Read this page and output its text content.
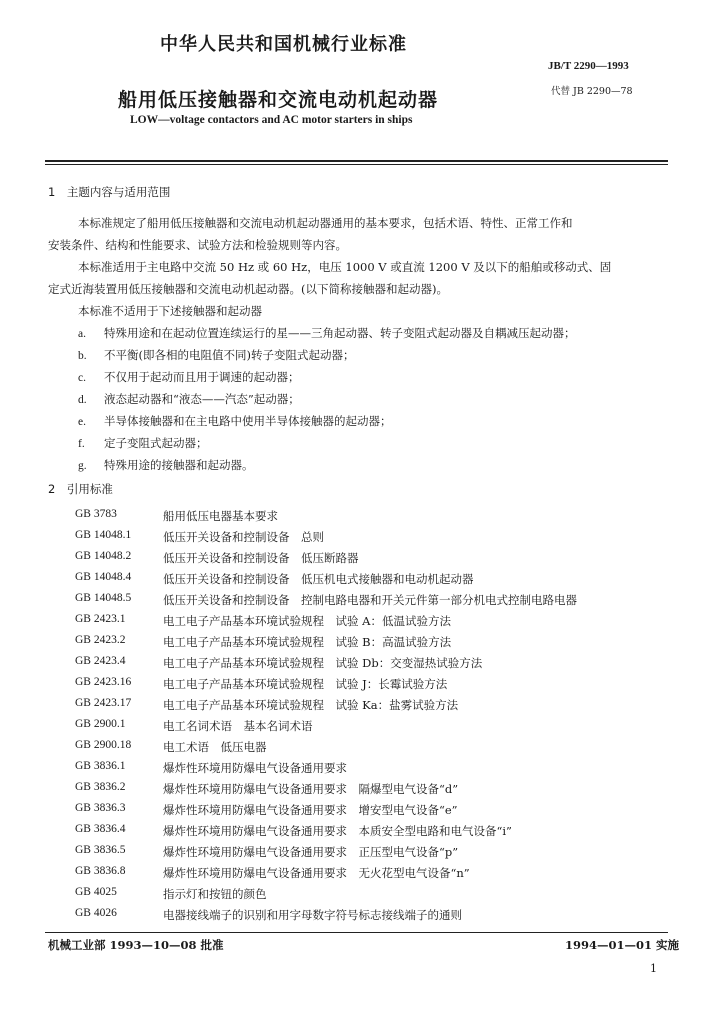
中华人民共和国机械行业标准
JB/T 2290—1993
船用低压接触器和交流电动机起动器	代替 JB 2290—78
LOW—voltage contactors and AC motor starters in ships
1　主题内容与适用范围
本标准规定了船用低压接触器和交流电动机起动器通用的基本要求，包括术语、特性、正常工作和
安装条件、结构和性能要求、试验方法和检验规则等内容。
本标准适用于主电路中交流 50 Hz 或 60 Hz，电压 1000 V 或直流 1200 V 及以下的船舶或移动式、固
定式近海装置用低压接触器和交流电动机起动器。(以下简称接触器和起动器)。
本标准不适用于下述接触器和起动器
a. 特殊用途和在起动位置连续运行的星——三角起动器、转子变阻式起动器及自耦减压起动器；
b. 不平衡(即各相的电阻值不同)转子变阻式起动器；
c. 不仅用于起动而且用于调速的起动器；
d. 液态起动器和“液态——汽态”起动器；
e. 半导体接触器和在主电路中使用半导体接触器的起动器；
f. 定子变阻式起动器；
g. 特殊用途的接触器和起动器。
2　引用标准
GB 3783	船用低压电器基本要求
GB 14048.1	低压开关设备和控制设备　总则
GB 14048.2	低压开关设备和控制设备　低压断路器
GB 14048.4	低压开关设备和控制设备　低压机电式接触器和电动机起动器
GB 14048.5	低压开关设备和控制设备　控制电路电器和开关元件第一部分机电式控制电路电器
GB 2423.1	电工电子产品基本环境试验规程　试验 A：低温试验方法
GB 2423.2	电工电子产品基本环境试验规程　试验 B：高温试验方法
GB 2423.4	电工电子产品基本环境试验规程　试验 Db：交变湿热试验方法
GB 2423.16	电工电子产品基本环境试验规程　试验 J：长霉试验方法
GB 2423.17	电工电子产品基本环境试验规程　试验 Ka：盐雾试验方法
GB 2900.1	电工名词术语　基本名词术语
GB 2900.18	电工术语　低压电器
GB 3836.1	爆炸性环境用防爆电气设备通用要求
GB 3836.2	爆炸性环境用防爆电气设备通用要求　隔爆型电气设备“d”
GB 3836.3	爆炸性环境用防爆电气设备通用要求　增安型电气设备“e”
GB 3836.4	爆炸性环境用防爆电气设备通用要求　本质安全型电路和电气设备“i”
GB 3836.5	爆炸性环境用防爆电气设备通用要求　正压型电气设备“p”
GB 3836.8	爆炸性环境用防爆电气设备通用要求　无火花型电气设备“n”
GB 4025	指示灯和按钮的颜色
GB 4026	电器接线端子的识别和用字母数字符号标志接线端子的通则
机械工业部 1993—10—08 批准	1994—01—01 实施
1
